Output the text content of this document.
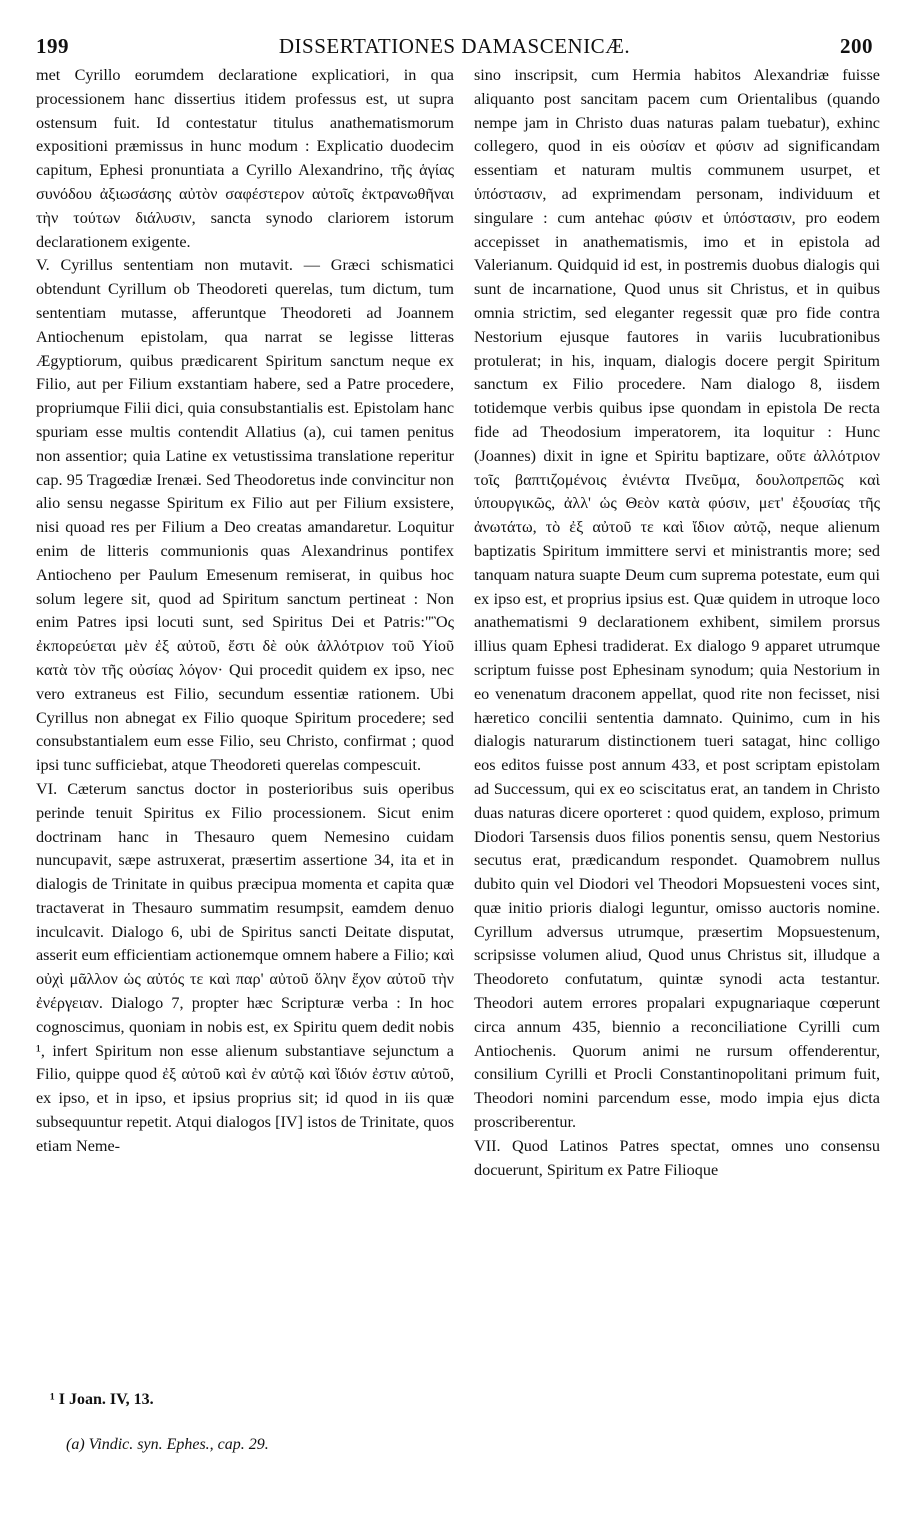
199	DISSERTATIONES DAMASCENICÆ.	200

met Cyrillo eorumdem declaratione explicatiori, in qua processionem hanc dissertius itidem professus est, ut supra ostensum fuit. Id contestatur titulus anathematismorum expositioni præmissus in hunc modum : Explicatio duodecim capitum, Ephesi pronuntiata a Cyrillo Alexandrino, τῆς ἁγίας συνόδου ἀξιωσάσης αὐτὸν σαφέστερον αὐτοῖς ἐκτρανωθῆναι τὴν τούτων διάλυσιν, sancta synodo clariorem istorum declarationem exigente.

V. Cyrillus sententiam non mutavit. — Græci schismatici obtendunt Cyrillum ob Theodoreti querelas, tum dictum, tum sententiam mutasse, afferuntque Theodoreti ad Joannem Antiochenum epistolam, qua narrat se legisse litteras Ægyptiorum, quibus prædicarent Spiritum sanctum neque ex Filio, aut per Filium exstantiam habere, sed a Patre procedere, propriumque Filii dici, quia consubstantialis est. Epistolam hanc spuriam esse multis contendit Allatius (a), cui tamen penitus non assentior; quia Latine ex vetustissima translatione reperitur cap. 95 Tragœdiæ Irenæi. Sed Theodoretus inde convincitur non alio sensu negasse Spiritum ex Filio aut per Filium exsistere, nisi quoad res per Filium a Deo creatas amandaretur. Loquitur enim de litteris communionis quas Alexandrinus pontifex Antiocheno per Paulum Emesenum remiserat, in quibus hoc solum legere sit, quod ad Spiritum sanctum pertineat : Non enim Patres ipsi locuti sunt, sed Spiritus Dei et Patris:"Ὃς ἐκπορεύεται μὲν ἐξ αὐτοῦ, ἔστι δὲ οὐκ ἀλλότριον τοῦ Υἱοῦ κατὰ τὸν τῆς οὐσίας λόγον· Qui procedit quidem ex ipso, nec vero extraneus est Filio, secundum essentiæ rationem. Ubi Cyrillus non abnegat ex Filio quoque Spiritum procedere; sed consubstantialem eum esse Filio, seu Christo, confirmat ; quod ipsi tunc sufficiebat, atque Theodoreti querelas compescuit.

VI. Cæterum sanctus doctor in posterioribus suis operibus perinde tenuit Spiritus ex Filio processionem. Sicut enim doctrinam hanc in Thesauro quem Nemesino cuidam nuncupavit, sæpe astruxerat, præsertim assertione 34, ita et in dialogis de Trinitate in quibus præcipua momenta et capita quæ tractaverat in Thesauro summatim resumpsit, eamdem denuo inculcavit. Dialogo 6, ubi de Spiritus sancti Deitate disputat, asserit eum efficientiam actionemque omnem habere a Filio; καὶ οὐχὶ μᾶλλον ὡς αὐτός τε καὶ παρ' αὐτοῦ ὅλην ἔχον αὐτοῦ τὴν ἐνέργειαν. Dialogo 7, propter hæc Scripturæ verba : In hoc cognoscimus, quoniam in nobis est, ex Spiritu quem dedit nobis ¹, infert Spiritum non esse alienum substantiave sejunctum a Filio, quippe quod ἐξ αὐτοῦ καὶ ἐν αὐτῷ καὶ ἴδιόν ἐστιν αὐτοῦ, ex ipso, et in ipso, et ipsius proprius sit; id quod in iis quæ subsequuntur repetit. Atqui dialogos [IV] istos de Trinitate, quos etiam Neme-

sino inscripsit, cum Hermia habitos Alexandriæ fuisse aliquanto post sancitam pacem cum Orientalibus (quando nempe jam in Christo duas naturas palam tuebatur), exhinc collegero, quod in eis οὐσίαν et φύσιν ad significandam essentiam et naturam multis communem usurpet, et ὑπόστασιν, ad exprimendam personam, individuum et singulare : cum antehac φύσιν et ὑπόστασιν, pro eodem accepisset in anathematismis, imo et in epistola ad Valerianum. Quidquid id est, in postremis duobus dialogis qui sunt de incarnatione, Quod unus sit Christus, et in quibus omnia strictim, sed eleganter regessit quæ pro fide contra Nestorium ejusque fautores in variis lucubrationibus protulerat; in his, inquam, dialogis docere pergit Spiritum sanctum ex Filio procedere. Nam dialogo 8, iisdem totidemque verbis quibus ipse quondam in epistola De recta fide ad Theodosium imperatorem, ita loquitur : Hunc (Joannes) dixit in igne et Spiritu baptizare, οὔτε ἀλλότριον τοῖς βαπτιζομένοις ἐνιέντα Πνεῦμα, δουλοπρεπῶς καὶ ὑπουργικῶς, ἀλλ' ὡς Θεὸν κατὰ φύσιν, μετ' ἐξουσίας τῆς ἀνωτάτω, τὸ ἐξ αὐτοῦ τε καὶ ἴδιον αὐτῷ, neque alienum baptizatis Spiritum immittere servi et ministrantis more; sed tanquam natura suapte Deum cum suprema potestate, eum qui ex ipso est, et proprius ipsius est. Quæ quidem in utroque loco anathematismi 9 declarationem exhibent, similem prorsus illius quam Ephesi tradiderat. Ex dialogo 9 apparet utrumque scriptum fuisse post Ephesinam synodum; quia Nestorium in eo venenatum draconem appellat, quod rite non fecisset, nisi hæretico concilii sententia damnato. Quinimo, cum in his dialogis naturarum distinctionem tueri satagat, hinc colligo eos editos fuisse post annum 433, et post scriptam epistolam ad Successum, qui ex eo sciscitatus erat, an tandem in Christo duas naturas dicere oporteret : quod quidem, exploso, primum Diodori Tarsensis duos filios ponentis sensu, quem Nestorius secutus erat, prædicandum respondet. Quamobrem nullus dubito quin vel Diodori vel Theodori Mopsuesteni voces sint, quæ initio prioris dialogi leguntur, omisso auctoris nomine. Cyrillum adversus utrumque, præsertim Mopsuestenum, scripsisse volumen aliud, Quod unus Christus sit, illudque a Theodoreto confutatum, quintæ synodi acta testantur. Theodori autem errores propalari expugnariaque cœperunt circa annum 435, biennio a reconciliatione Cyrilli cum Antiochenis. Quorum animi ne rursum offenderentur, consilium Cyrilli et Procli Constantinopolitani primum fuit, Theodori nomini parcendum esse, modo impia ejus dicta proscriberentur.

VII. Quod Latinos Patres spectat, omnes uno consensu docuerunt, Spiritum ex Patre Filioque

¹ I Joan. IV, 13.

(a) Vindic. syn. Ephes., cap. 29.
